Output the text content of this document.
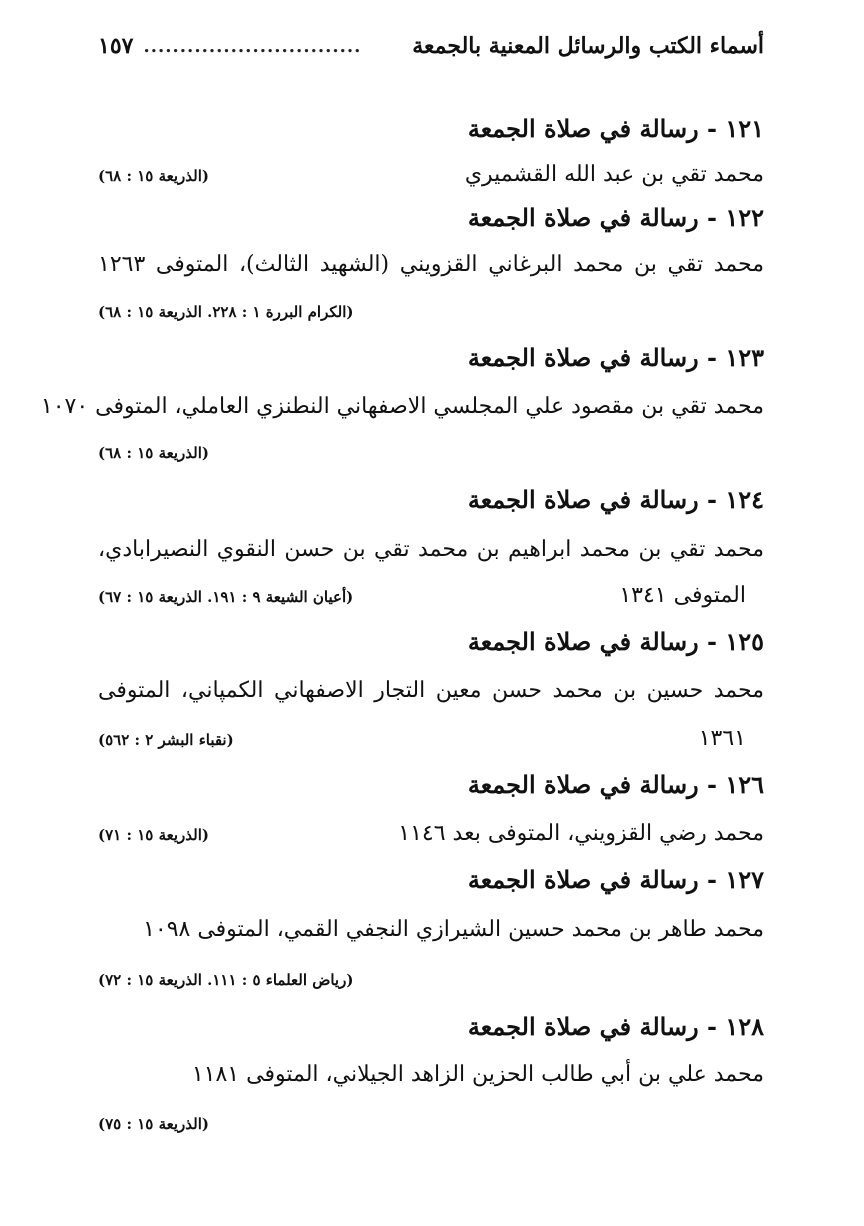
أسماء الكتب والرسائل المعنية بالجمعة
١٥٧ ..............................
١٢١ - رسالة في صلاة الجمعة
محمد تقي بن عبد الله القشميري
(الذريعة ١٥ : ٦٨)
١٢٢ - رسالة في صلاة الجمعة
محمد تقي بن محمد البرغاني القزويني (الشهيد الثالث)، المتوفى ١٢٦٣
(الكرام البررة ١ : ٢٢٨. الذريعة ١٥ : ٦٨)
١٢٣ - رسالة في صلاة الجمعة
محمد تقي بن مقصود علي المجلسي الاصفهاني النطنزي العاملي، المتوفى ١٠٧٠
(الذريعة ١٥ : ٦٨)
١٢٤ - رسالة في صلاة الجمعة
محمد تقي بن محمد ابراهيم بن محمد تقي بن حسن النقوي النصيرابادي،
المتوفى ١٣٤١
(أعيان الشيعة ٩ : ١٩١. الذريعة ١٥ : ٦٧)
١٢٥ - رسالة في صلاة الجمعة
محمد حسين بن محمد حسن معين التجار الاصفهاني الكمپاني، المتوفى
١٣٦١
(نقباء البشر ٢ : ٥٦٢)
١٢٦ - رسالة في صلاة الجمعة
محمد رضي القزويني، المتوفى بعد ١١٤٦
(الذريعة ١٥ : ٧١)
١٢٧ - رسالة في صلاة الجمعة
محمد طاهر بن محمد حسين الشيرازي النجفي القمي، المتوفى ١٠٩٨
(رياض العلماء ٥ : ١١١. الذريعة ١٥ : ٧٢)
١٢٨ - رسالة في صلاة الجمعة
محمد علي بن أبي طالب الحزين الزاهد الجيلاني، المتوفى ١١٨١
(الذريعة ١٥ : ٧٥)
